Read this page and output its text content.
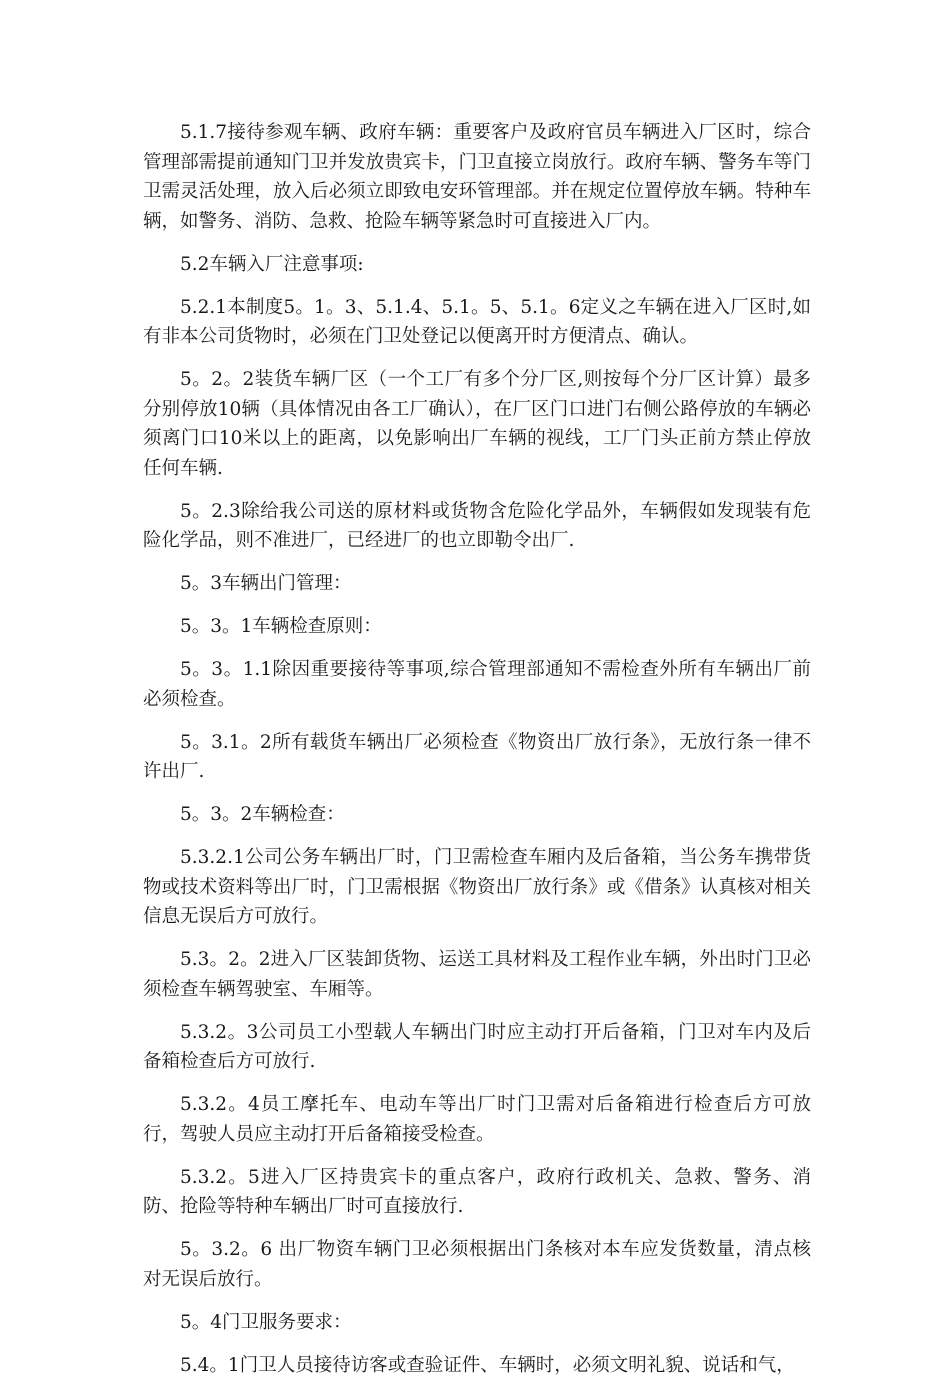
5.1.7接待参观车辆、政府车辆：重要客户及政府官员车辆进入厂区时，综合管理部需提前通知门卫并发放贵宾卡，门卫直接立岗放行。政府车辆、警务车等门卫需灵活处理，放入后必须立即致电安环管理部。并在规定位置停放车辆。特种车辆，如警务、消防、急救、抢险车辆等紧急时可直接进入厂内。

5.2车辆入厂注意事项:

5.2.1本制度5。1。3、5.1.4、5.1。5、5.1。6定义之车辆在进入厂区时,如有非本公司货物时，必须在门卫处登记以便离开时方便清点、确认。

5。2。2装货车辆厂区（一个工厂有多个分厂区,则按每个分厂区计算）最多分别停放10辆（具体情况由各工厂确认），在厂区门口进门右侧公路停放的车辆必须离门口10米以上的距离，以免影响出厂车辆的视线，工厂门头正前方禁止停放任何车辆.

5。2.3除给我公司送的原材料或货物含危险化学品外，车辆假如发现装有危险化学品，则不准进厂，已经进厂的也立即勒令出厂.

5。3车辆出门管理：

5。3。1车辆检查原则：

5。3。1.1除因重要接待等事项,综合管理部通知不需检查外所有车辆出厂前必须检查。

5。3.1。2所有载货车辆出厂必须检查《物资出厂放行条》，无放行条一律不许出厂.

5。3。2车辆检查：

5.3.2.1公司公务车辆出厂时，门卫需检查车厢内及后备箱，当公务车携带货物或技术资料等出厂时，门卫需根据《物资出厂放行条》或《借条》认真核对相关信息无误后方可放行。

5.3。2。2进入厂区装卸货物、运送工具材料及工程作业车辆，外出时门卫必须检查车辆驾驶室、车厢等。

5.3.2。3公司员工小型载人车辆出门时应主动打开后备箱，门卫对车内及后备箱检查后方可放行.

5.3.2。4员工摩托车、电动车等出厂时门卫需对后备箱进行检查后方可放行，驾驶人员应主动打开后备箱接受检查。

5.3.2。5进入厂区持贵宾卡的重点客户，政府行政机关、急救、警务、消防、抢险等特种车辆出厂时可直接放行.

5。3.2。6 出厂物资车辆门卫必须根据出门条核对本车应发货数量，清点核对无误后放行。

5。4门卫服务要求：

5.4。1门卫人员接待访客或查验证件、车辆时，必须文明礼貌、说话和气，
